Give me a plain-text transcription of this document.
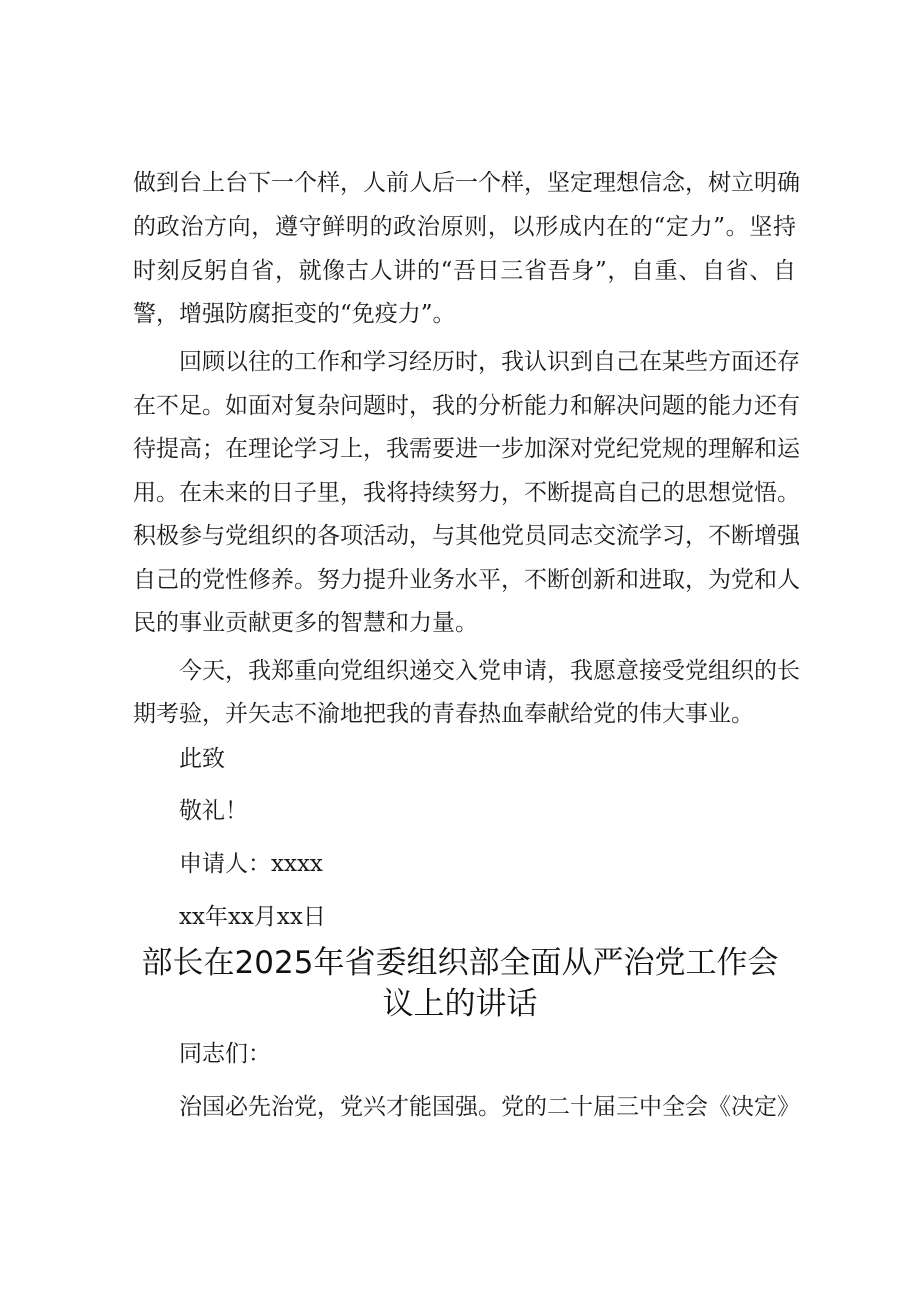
做到台上台下一个样，人前人后一个样，坚定理想信念，树立明确
的政治方向，遵守鲜明的政治原则，以形成内在的“定力”。坚持
时刻反躬自省，就像古人讲的“吾日三省吾身”，自重、自省、自
警，增强防腐拒变的“免疫力”。
回顾以往的工作和学习经历时，我认识到自己在某些方面还存
在不足。如面对复杂问题时，我的分析能力和解决问题的能力还有
待提高；在理论学习上，我需要进一步加深对党纪党规的理解和运
用。在未来的日子里，我将持续努力，不断提高自己的思想觉悟。
积极参与党组织的各项活动，与其他党员同志交流学习，不断增强
自己的党性修养。努力提升业务水平，不断创新和进取，为党和人
民的事业贡献更多的智慧和力量。
今天，我郑重向党组织递交入党申请，我愿意接受党组织的长
期考验，并矢志不渝地把我的青春热血奉献给党的伟大事业。
此致
敬礼！
申请人：xxxx
xx年xx月xx日
部长在2025年省委组织部全面从严治党工作会
议上的讲话
同志们：
治国必先治党，党兴才能国强。党的二十届三中全会《决定》
